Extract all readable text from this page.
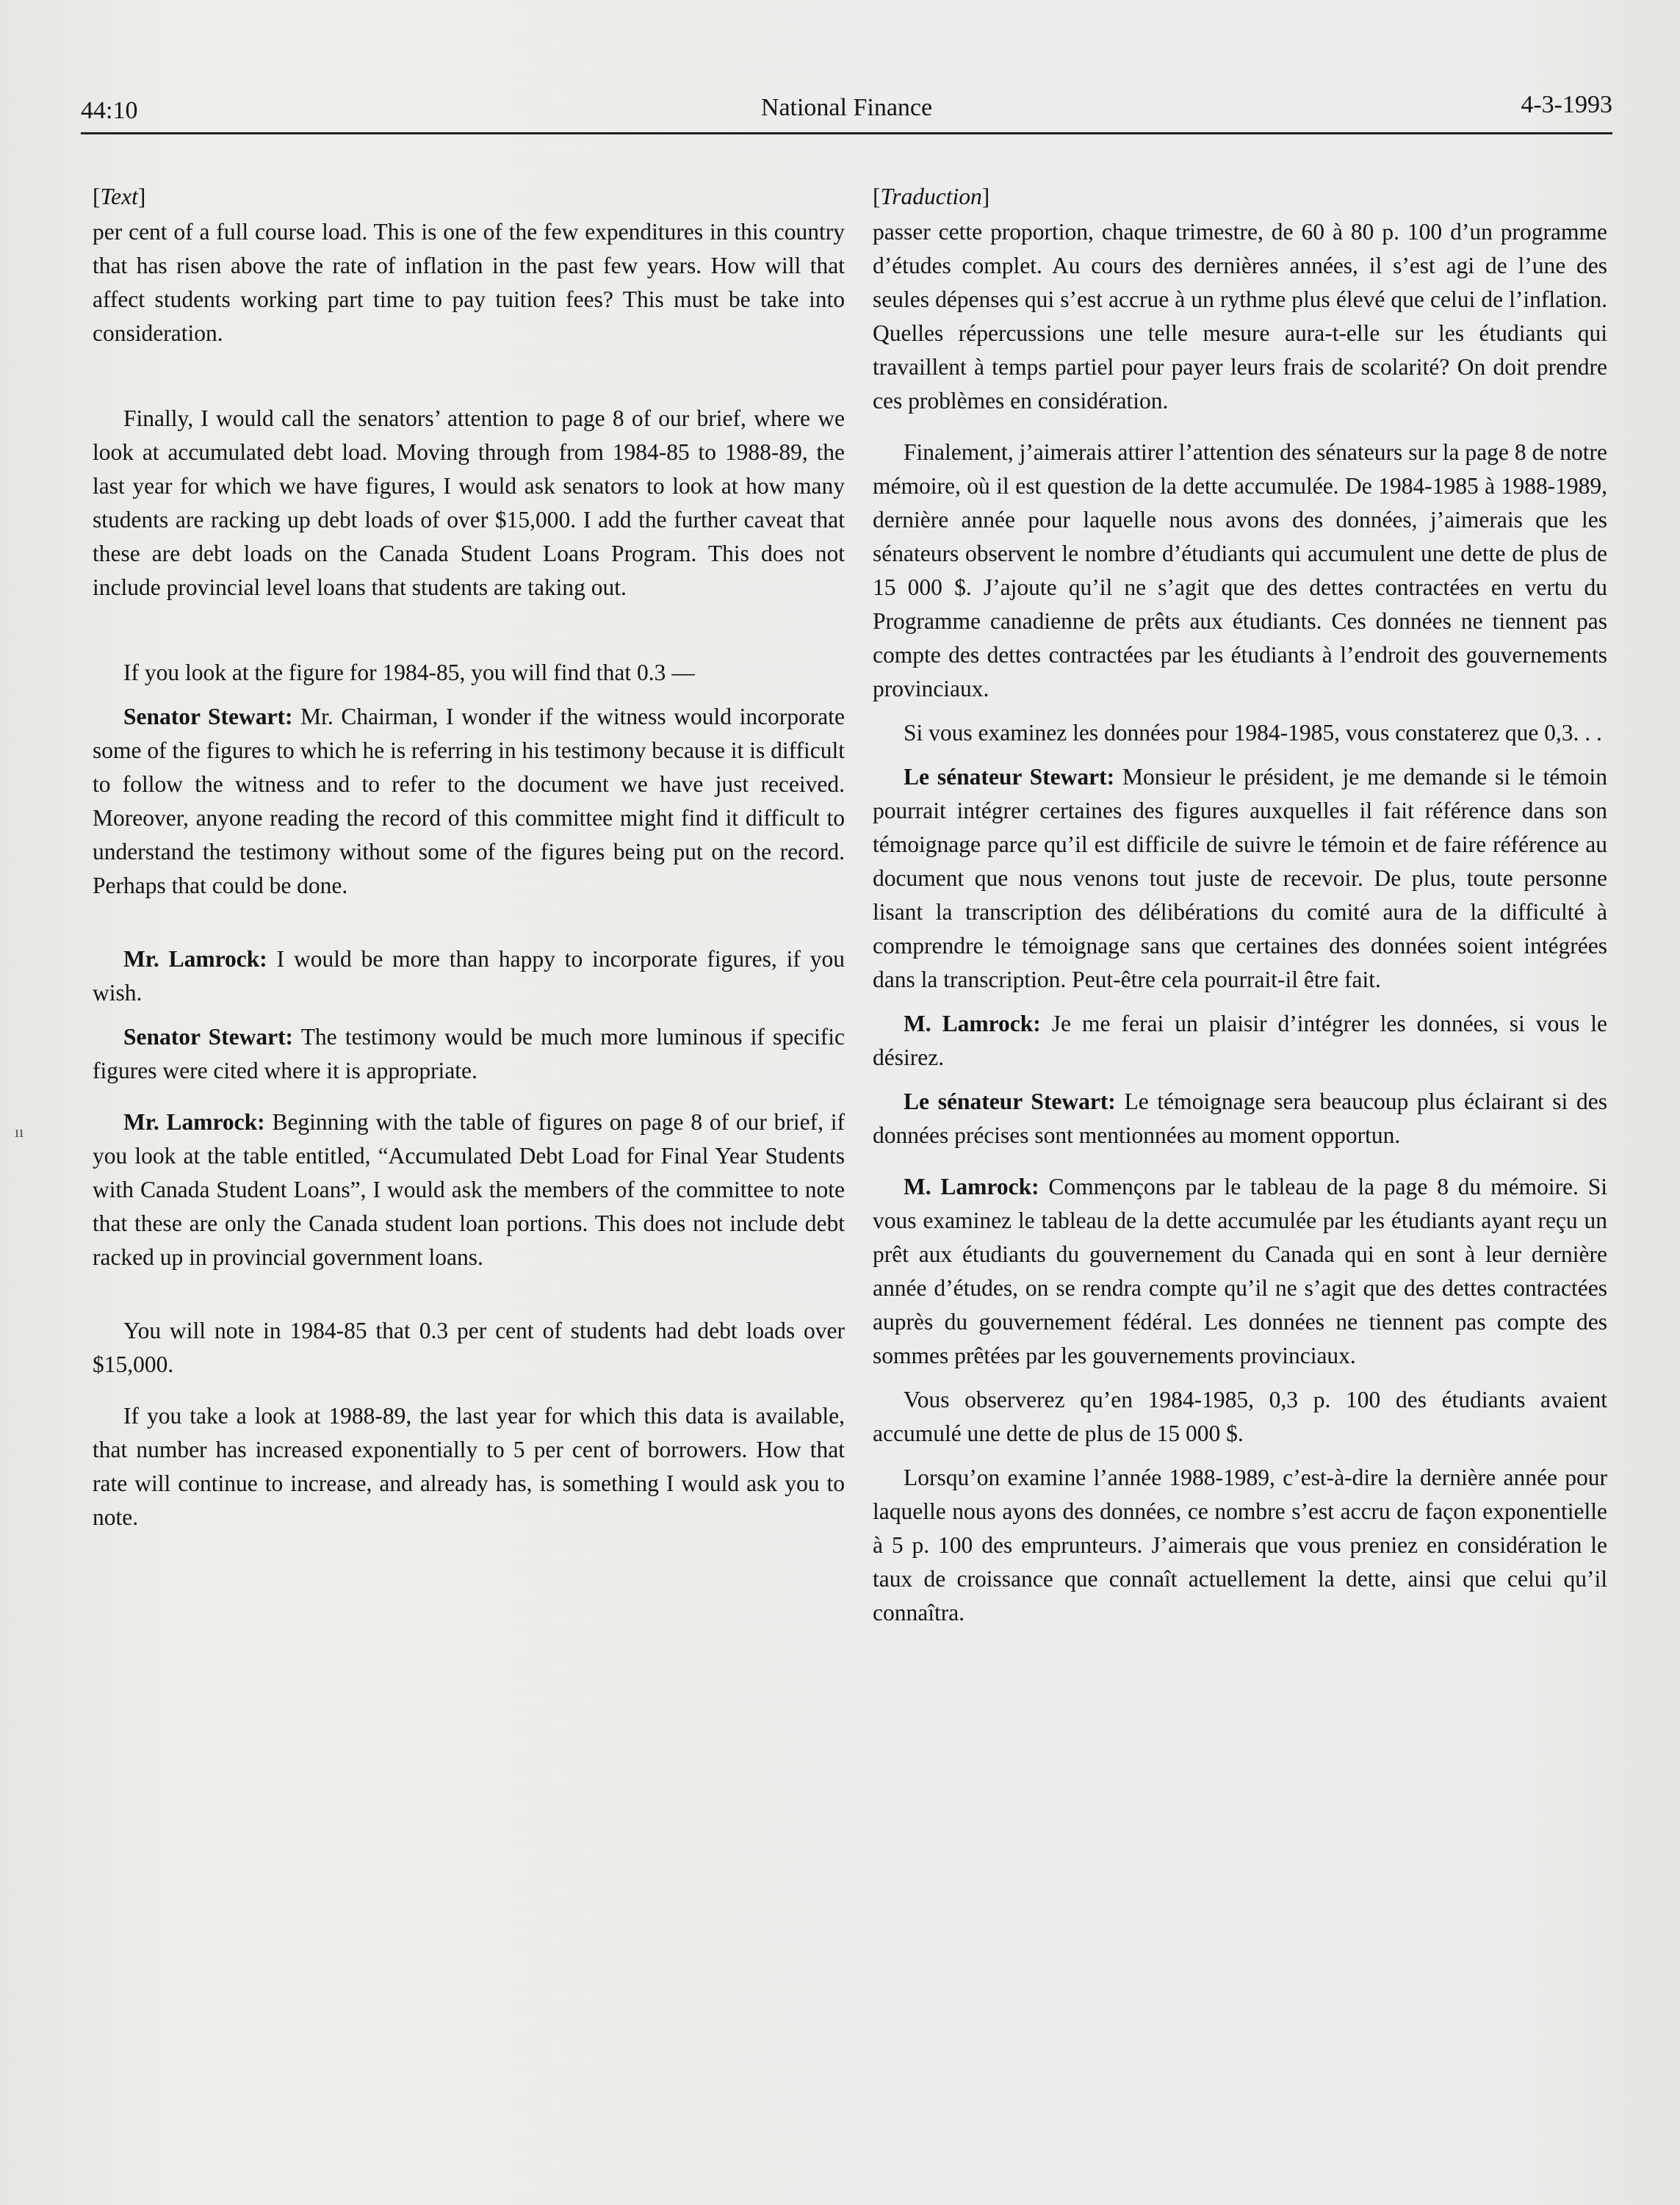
44:10	National Finance	4-3-1993
ıı
[Text]

per cent of a full course load. This is one of the few expenditures in this country that has risen above the rate of inflation in the past few years. How will that affect students working part time to pay tuition fees? This must be take into consideration.

Finally, I would call the senators’ attention to page 8 of our brief, where we look at accumulated debt load. Moving through from 1984-85 to 1988-89, the last year for which we have figures, I would ask senators to look at how many students are racking up debt loads of over $15,000. I add the further caveat that these are debt loads on the Canada Student Loans Program. This does not include provincial level loans that students are taking out.

If you look at the figure for 1984-85, you will find that 0.3 —

Senator Stewart: Mr. Chairman, I wonder if the witness would incorporate some of the figures to which he is referring in his testimony because it is difficult to follow the witness and to refer to the document we have just received. Moreover, anyone reading the record of this committee might find it difficult to understand the testimony without some of the figures being put on the record. Perhaps that could be done.

Mr. Lamrock: I would be more than happy to incorporate figures, if you wish.

Senator Stewart: The testimony would be much more luminous if specific figures were cited where it is appropriate.

Mr. Lamrock: Beginning with the table of figures on page 8 of our brief, if you look at the table entitled, “Accumulated Debt Load for Final Year Students with Canada Student Loans”, I would ask the members of the committee to note that these are only the Canada student loan portions. This does not include debt racked up in provincial government loans.

You will note in 1984-85 that 0.3 per cent of students had debt loads over $15,000.

If you take a look at 1988-89, the last year for which this data is available, that number has increased exponentially to 5 per cent of borrowers. How that rate will continue to increase, and already has, is something I would ask you to note.

[Traduction]

passer cette proportion, chaque trimestre, de 60 à 80 p. 100 d’un programme d’études complet. Au cours des dernières années, il s’est agi de l’une des seules dépenses qui s’est accrue à un rythme plus élevé que celui de l’inflation. Quelles répercussions une telle mesure aura-t-elle sur les étudiants qui travaillent à temps partiel pour payer leurs frais de scolarité? On doit prendre ces problèmes en considération.

Finalement, j’aimerais attirer l’attention des sénateurs sur la page 8 de notre mémoire, où il est question de la dette accumulée. De 1984-1985 à 1988-1989, dernière année pour laquelle nous avons des données, j’aimerais que les sénateurs observent le nombre d’étudiants qui accumulent une dette de plus de 15 000 $. J’ajoute qu’il ne s’agit que des dettes contractées en vertu du Programme canadienne de prêts aux étudiants. Ces données ne tiennent pas compte des dettes contractées par les étudiants à l’endroit des gouvernements provinciaux.

Si vous examinez les données pour 1984-1985, vous constaterez que 0,3. . .

Le sénateur Stewart: Monsieur le président, je me demande si le témoin pourrait intégrer certaines des figures auxquelles il fait référence dans son témoignage parce qu’il est difficile de suivre le témoin et de faire référence au document que nous venons tout juste de recevoir. De plus, toute personne lisant la transcription des délibérations du comité aura de la difficulté à comprendre le témoignage sans que certaines des données soient intégrées dans la transcription. Peut-être cela pourrait-il être fait.

M. Lamrock: Je me ferai un plaisir d’intégrer les données, si vous le désirez.

Le sénateur Stewart: Le témoignage sera beaucoup plus éclairant si des données précises sont mentionnées au moment opportun.

M. Lamrock: Commençons par le tableau de la page 8 du mémoire. Si vous examinez le tableau de la dette accumulée par les étudiants ayant reçu un prêt aux étudiants du gouvernement du Canada qui en sont à leur dernière année d’études, on se rendra compte qu’il ne s’agit que des dettes contractées auprès du gouvernement fédéral. Les données ne tiennent pas compte des sommes prêtées par les gouvernements provinciaux.

Vous observerez qu’en 1984-1985, 0,3 p. 100 des étudiants avaient accumulé une dette de plus de 15 000 $.

Lorsqu’on examine l’année 1988-1989, c’est-à-dire la dernière année pour laquelle nous ayons des données, ce nombre s’est accru de façon exponentielle à 5 p. 100 des emprunteurs. J’aimerais que vous preniez en considération le taux de croissance que connaît actuellement la dette, ainsi que celui qu’il connaîtra.
